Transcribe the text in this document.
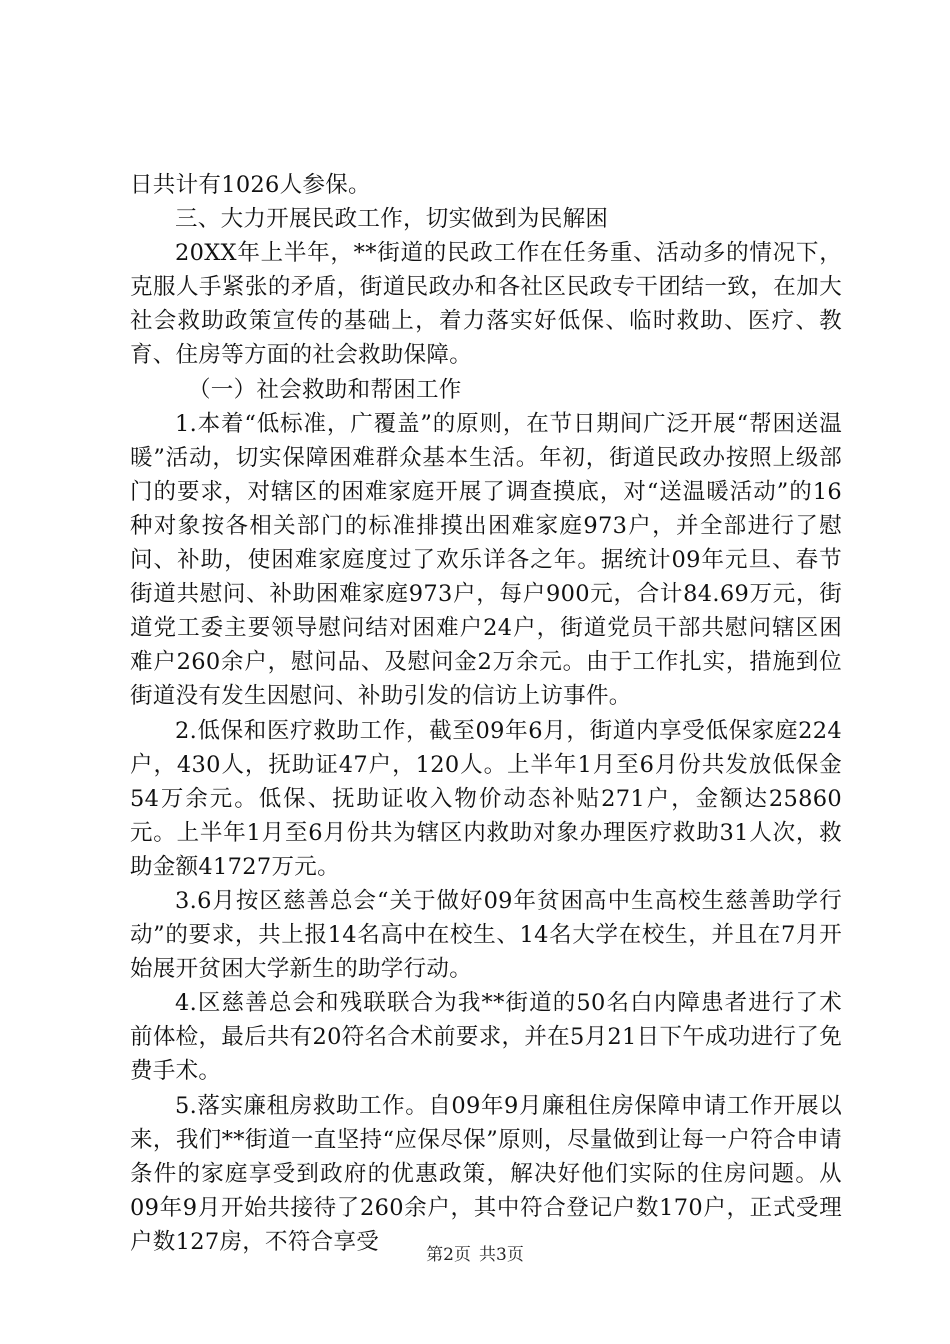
日共计有1026人参保。

三、大力开展民政工作，切实做到为民解困

20XX年上半年，**街道的民政工作在任务重、活动多的情况下，克服人手紧张的矛盾，街道民政办和各社区民政专干团结一致，在加大社会救助政策宣传的基础上，着力落实好低保、临时救助、医疗、教育、住房等方面的社会救助保障。

（一）社会救助和帮困工作

1.本着“低标准，广覆盖”的原则，在节日期间广泛开展“帮困送温暖”活动，切实保障困难群众基本生活。年初，街道民政办按照上级部门的要求，对辖区的困难家庭开展了调查摸底，对“送温暖活动”的16种对象按各相关部门的标准排摸出困难家庭973户，并全部进行了慰问、补助，使困难家庭度过了欢乐详各之年。据统计09年元旦、春节街道共慰问、补助困难家庭973户，每户900元，合计84.69万元，街道党工委主要领导慰问结对困难户24户，街道党员干部共慰问辖区困难户260余户，慰问品、及慰问金2万余元。由于工作扎实，措施到位街道没有发生因慰问、补助引发的信访上访事件。

2.低保和医疗救助工作，截至09年6月，街道内享受低保家庭224户，430人，抚助证47户，120人。上半年1月至6月份共发放低保金54万余元。低保、抚助证收入物价动态补贴271户，金额达25860元。上半年1月至6月份共为辖区内救助对象办理医疗救助31人次，救助金额41727万元。

3.6月按区慈善总会“关于做好09年贫困高中生高校生慈善助学行动”的要求，共上报14名高中在校生、14名大学在校生，并且在7月开始展开贫困大学新生的助学行动。

4.区慈善总会和残联联合为我**街道的50名白内障患者进行了术前体检，最后共有20符名合术前要求，并在5月21日下午成功进行了免费手术。

5.落实廉租房救助工作。自09年9月廉租住房保障申请工作开展以来，我们**街道一直坚持“应保尽保”原则，尽量做到让每一户符合申请条件的家庭享受到政府的优惠政策，解决好他们实际的住房问题。从09年9月开始共接待了260余户，其中符合登记户数170户，正式受理户数127房，不符合享受

第2页 共3页
